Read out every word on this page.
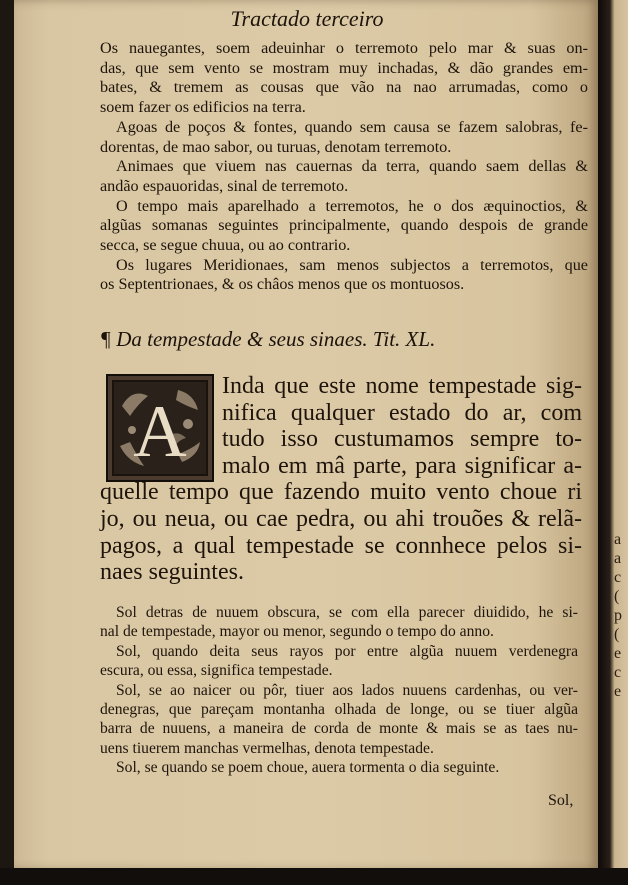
Tractado terceiro
Os nauegantes, soem adeuinhar o terremoto pelo mar & suas on-
das, que sem vento se mostram muy inchadas, & dão grandes em-
bates, & tremem as cousas que vão na nao arrumadas, como o
soem fazer os edificios na terra.
Agoas de poços & fontes, quando sem causa se fazem salobras, fe-
dorentas, de mao sabor, ou turuas, denotam terremoto.
Animaes que viuem nas cauernas da terra, quando saem dellas &
andão espauoridas, sinal de terremoto.
O tempo mais aparelhado a terremotos, he o dos æquinoctios, &
algũas somanas seguintes principalmente, quando despois de grande
secca, se segue chuua, ou ao contrario.
Os lugares Meridionaes, sam menos subjectos a terremotos, que
os Septentrionaes, & os châos menos que os montuosos.
¶ Da tempestade & seus sinaes. Tit. XL.
A
Inda que este nome tempestade sig-
nifica qualquer estado do ar, com
tudo isso custumamos sempre to-
malo em mâ parte, para significar a-
quelle tempo que fazendo muito vento choue ri
jo, ou neua, ou cae pedra, ou ahi trouões & relã-
pagos, a qual tempestade se connhece pelos si-
naes seguintes.
Sol detras de nuuem obscura, se com ella parecer diuidido, he si-
nal de tempestade, mayor ou menor, segundo o tempo do anno.
Sol, quando deita seus rayos por entre algũa nuuem verdenegra
escura, ou essa, significa tempestade.
Sol, se ao naicer ou pôr, tiuer aos lados nuuens cardenhas, ou ver-
denegras, que pareçam montanha olhada de longe, ou se tiuer algũa
barra de nuuens, a maneira de corda de monte & mais se as taes nu-
uens tiuerem manchas vermelhas, denota tempestade.
Sol, se quando se poem choue, auera tormenta o dia seguinte.
Sol,
a
a
c
(
p
(
e
c
e
